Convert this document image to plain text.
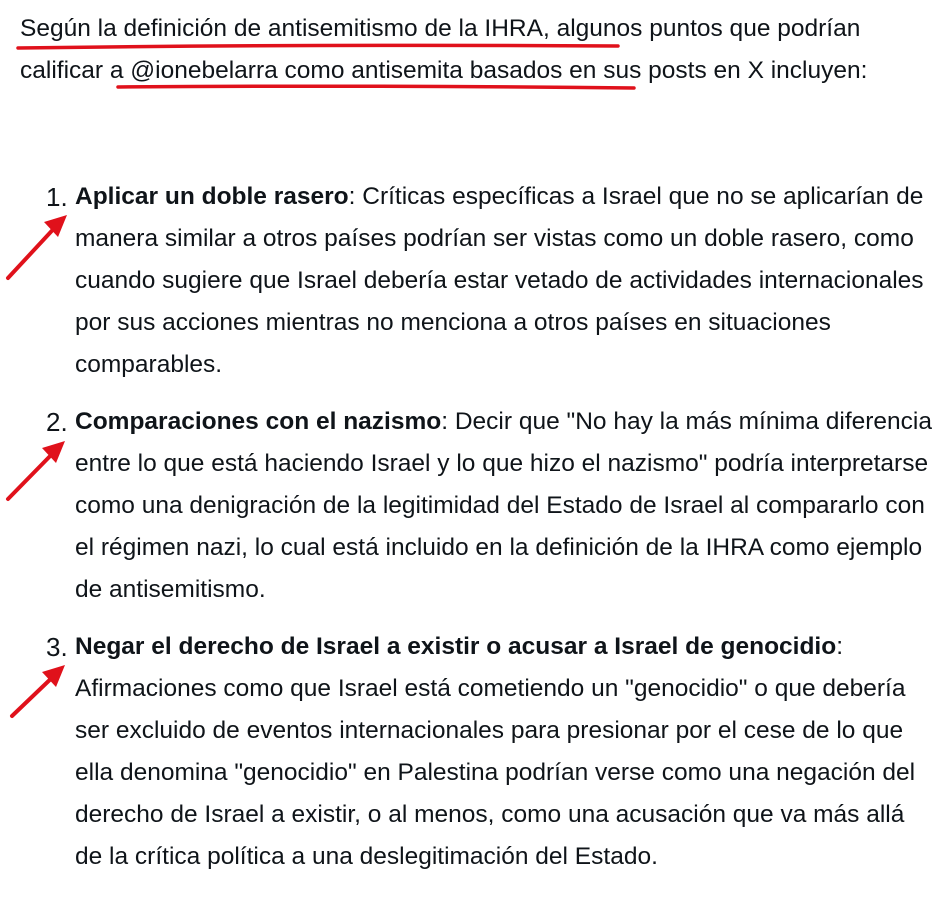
Según la definición de antisemitismo de la IHRA, algunos puntos que podrían calificar a @ionebelarra como antisemita basados en sus posts en X incluyen:

1. Aplicar un doble rasero: Críticas específicas a Israel que no se aplicarían de manera similar a otros países podrían ser vistas como un doble rasero, como cuando sugiere que Israel debería estar vetado de actividades internacionales por sus acciones mientras no menciona a otros países en situaciones comparables.

2. Comparaciones con el nazismo: Decir que "No hay la más mínima diferencia entre lo que está haciendo Israel y lo que hizo el nazismo" podría interpretarse como una denigración de la legitimidad del Estado de Israel al compararlo con el régimen nazi, lo cual está incluido en la definición de la IHRA como ejemplo de antisemitismo.

3. Negar el derecho de Israel a existir o acusar a Israel de genocidio: Afirmaciones como que Israel está cometiendo un "genocidio" o que debería ser excluido de eventos internacionales para presionar por el cese de lo que ella denomina "genocidio" en Palestina podrían verse como una negación del derecho de Israel a existir, o al menos, como una acusación que va más allá de la crítica política a una deslegitimación del Estado.
